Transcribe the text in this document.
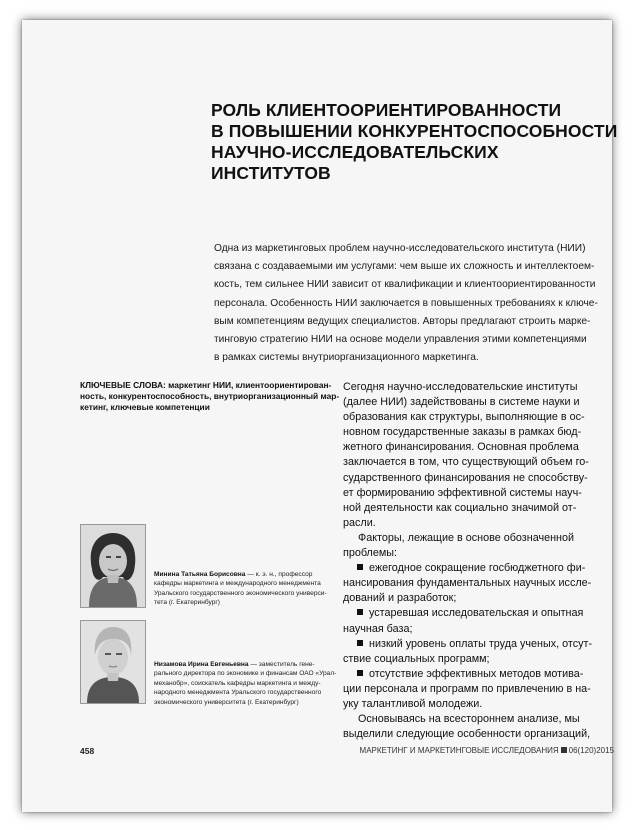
РОЛЬ КЛИЕНТООРИЕНТИРОВАННОСТИ
В ПОВЫШЕНИИ КОНКУРЕНТОСПОСОБНОСТИ
НАУЧНО-ИССЛЕДОВАТЕЛЬСКИХ
ИНСТИТУТОВ
Одна из маркетинговых проблем научно-исследовательского института (НИИ)
связана с создаваемыми им услугами: чем выше их сложность и интеллектоем-
кость, тем сильнее НИИ зависит от квалификации и клиентоориентированности
персонала. Особенность НИИ заключается в повышенных требованиях к ключе-
вым компетенциям ведущих специалистов. Авторы предлагают строить марке-
тинговую стратегию НИИ на основе модели управления этими компетенциями
в рамках системы внутриорганизационного маркетинга.
КЛЮЧЕВЫЕ СЛОВА: маркетинг НИИ, клиентоориентирован-
ность, конкурентоспособность, внутриорганизационный мар-
кетинг, ключевые компетенции
Сегодня научно-исследовательские институты
(далее НИИ) задействованы в системе науки и
образования как структуры, выполняющие в ос-
новном государственные заказы в рамках бюд-
жетного финансирования. Основная проблема
заключается в том, что существующий объем го-
сударственного финансирования не способству-
ет формированию эффективной системы науч-
ной деятельности как социально значимой от-
расли.
Факторы, лежащие в основе обозначенной
проблемы:
ежегодное сокращение госбюджетного фи-
нансирования фундаментальных научных иссле-
дований и разработок;
устаревшая исследовательская и опытная
научная база;
низкий уровень оплаты труда ученых, отсут-
ствие социальных программ;
отсутствие эффективных методов мотива-
ции персонала и программ по привлечению в на-
уку талантливой молодежи.
Основываясь на всестороннем анализе, мы
выделили следующие особенности организаций,
Минина Татьяна Борисовна — к. э. н., профессор
кафедры маркетинга и международного менеджмента
Уральского государственного экономического универси-
тета (г. Екатеринбург)
Низамова Ирина Евгеньевна — заместитель гене-
рального директора по экономике и финансам ОАО «Урал-
механобр», соискатель кафедры маркетинга и между-
народного менеджмента Уральского государственного
экономического университета (г. Екатеринбург)
458	МАРКЕТИНГ И МАРКЕТИНГОВЫЕ ИССЛЕДОВАНИЯ 06(120)2015
